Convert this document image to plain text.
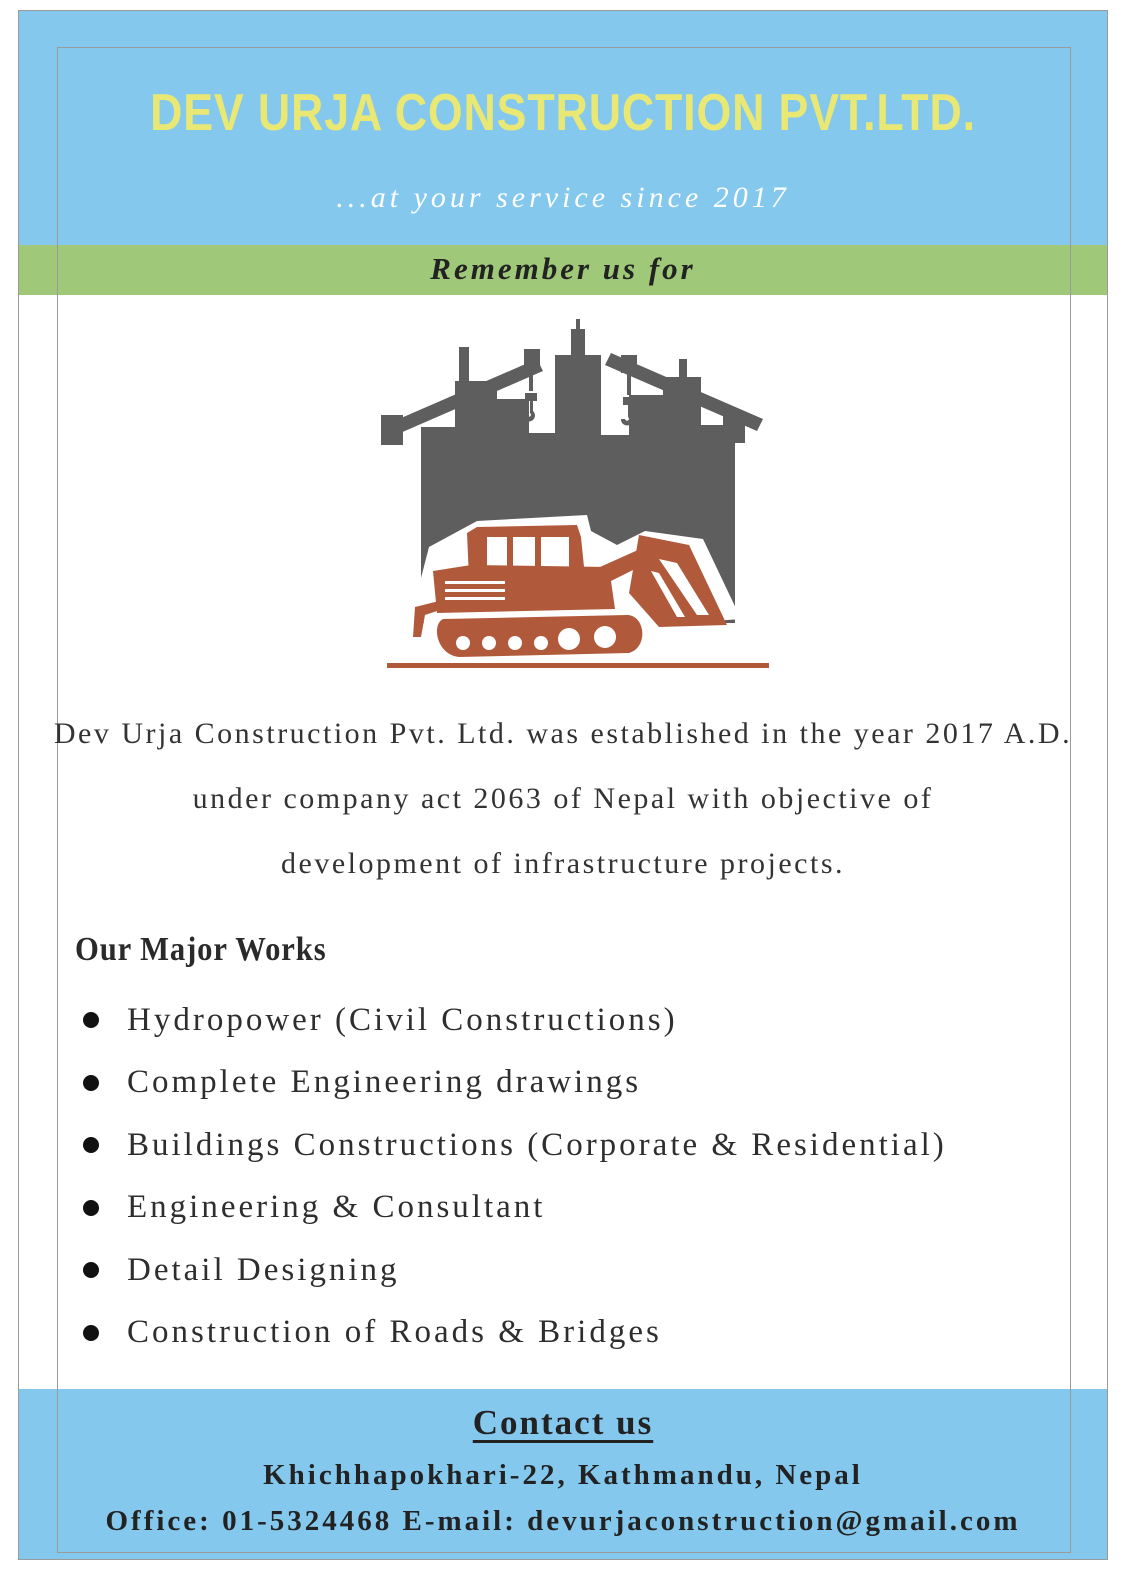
DEV URJA CONSTRUCTION PVT.LTD.
...at your service since 2017
Remember us for
Dev Urja Construction Pvt. Ltd. was established in the year 2017 A.D.
under company act 2063 of Nepal with objective of
development of infrastructure projects.
Our Major Works
Hydropower (Civil Constructions)
Complete Engineering drawings
Buildings Constructions (Corporate & Residential)
Engineering & Consultant
Detail Designing
Construction of Roads & Bridges
Contact us
Khichhapokhari-22, Kathmandu, Nepal
Office: 01-5324468 E-mail: devurjaconstruction@gmail.com
